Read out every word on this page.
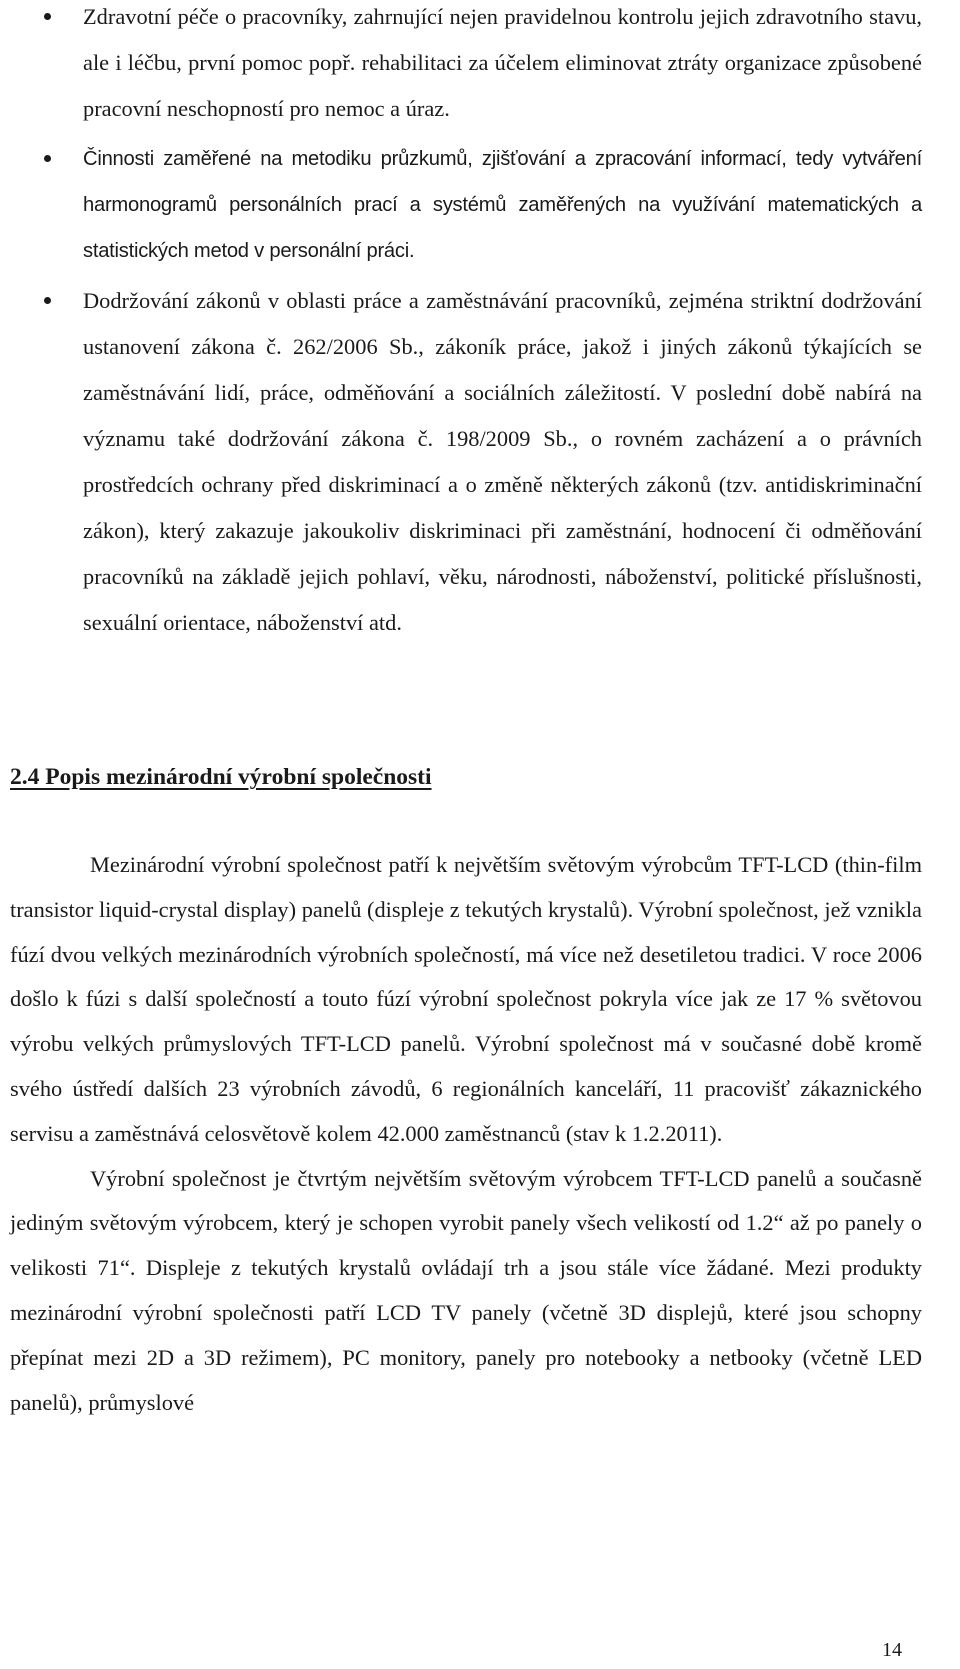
Zdravotní péče o pracovníky, zahrnující nejen pravidelnou kontrolu jejich zdravotního stavu, ale i léčbu, první pomoc popř. rehabilitaci za účelem eliminovat ztráty organizace způsobené pracovní neschopností pro nemoc a úraz.
Činnosti zaměřené na metodiku průzkumů, zjišťování a zpracování informací, tedy vytváření harmonogramů personálních prací a systémů zaměřených na využívání matematických a statistických metod v personální práci.
Dodržování zákonů v oblasti práce a zaměstnávání pracovníků, zejména striktní dodržování ustanovení zákona č. 262/2006 Sb., zákoník práce, jakož i jiných zákonů týkajících se zaměstnávání lidí, práce, odměňování a sociálních záležitostí. V poslední době nabírá na významu také dodržování zákona č. 198/2009 Sb., o rovném zacházení a o právních prostředcích ochrany před diskriminací a o změně některých zákonů (tzv. antidiskriminační zákon), který zakazuje jakoukoliv diskriminaci při zaměstnání, hodnocení či odměňování pracovníků na základě jejich pohlaví, věku, národnosti, náboženství, politické příslušnosti, sexuální orientace, náboženství atd.
2.4 Popis mezinárodní výrobní společnosti

Mezinárodní výrobní společnost patří k největším světovým výrobcům TFT-LCD (thin-film transistor liquid-crystal display) panelů (displeje z tekutých krystalů). Výrobní společnost, jež vznikla fúzí dvou velkých mezinárodních výrobních společností, má více než desetiletou tradici. V roce 2006 došlo k fúzi s další společností a touto fúzí výrobní společnost pokryla více jak ze 17 % světovou výrobu velkých průmyslových TFT-LCD panelů. Výrobní společnost má v současné době kromě svého ústředí dalších 23 výrobních závodů, 6 regionálních kanceláří, 11 pracovišť zákaznického servisu a zaměstnává celosvětově kolem 42.000 zaměstnanců (stav k 1.2.2011).

Výrobní společnost je čtvrtým největším světovým výrobcem TFT-LCD panelů a současně jediným světovým výrobcem, který je schopen vyrobit panely všech velikostí od 1.2“ až po panely o velikosti 71“. Displeje z tekutých krystalů ovládají trh a jsou stále více žádané. Mezi produkty mezinárodní výrobní společnosti patří LCD TV panely (včetně 3D displejů, které jsou schopny přepínat mezi 2D a 3D režimem), PC monitory, panely pro notebooky a netbooky (včetně LED panelů), průmyslové

14
